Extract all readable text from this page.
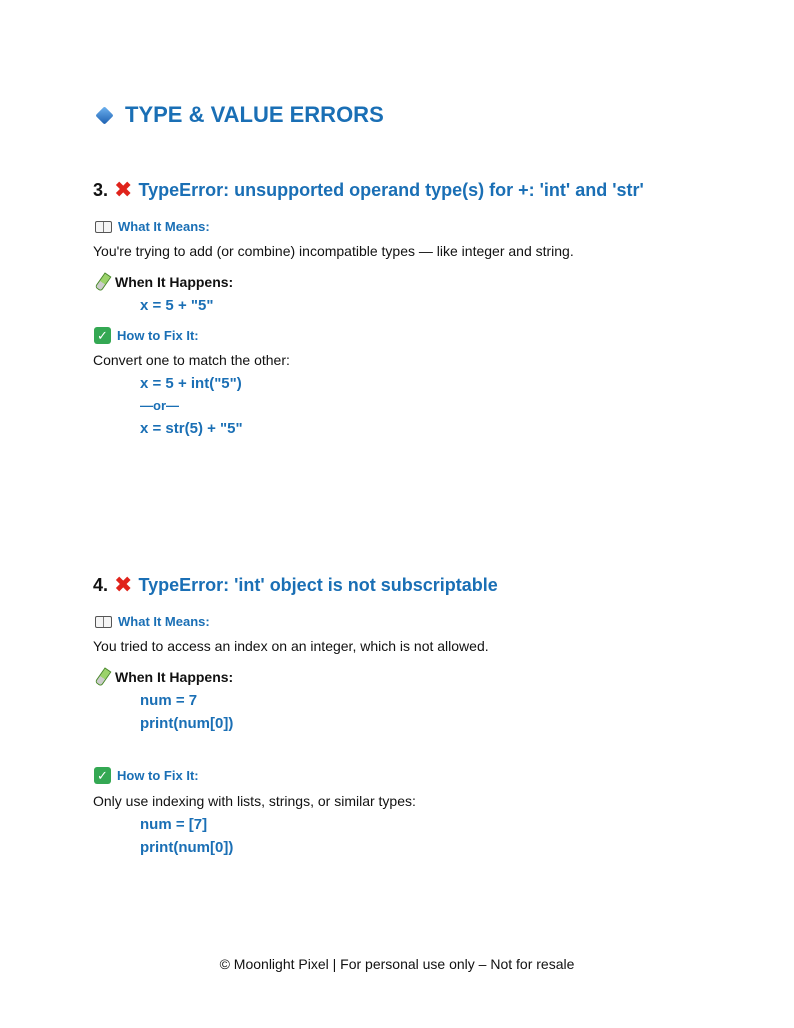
TYPE & VALUE ERRORS
3. ✖ TypeError: unsupported operand type(s) for +: 'int' and 'str'
What It Means:
You're trying to add (or combine) incompatible types — like integer and string.
When It Happens:
x = 5 + "5"
✓ How to Fix It:
Convert one to match the other:
x = 5 + int("5")
—or—
x = str(5) + "5"
4. ✖ TypeError: 'int' object is not subscriptable
What It Means:
You tried to access an index on an integer, which is not allowed.
When It Happens:
num = 7
print(num[0])
✓ How to Fix It:
Only use indexing with lists, strings, or similar types:
num = [7]
print(num[0])
© Moonlight Pixel | For personal use only – Not for resale
